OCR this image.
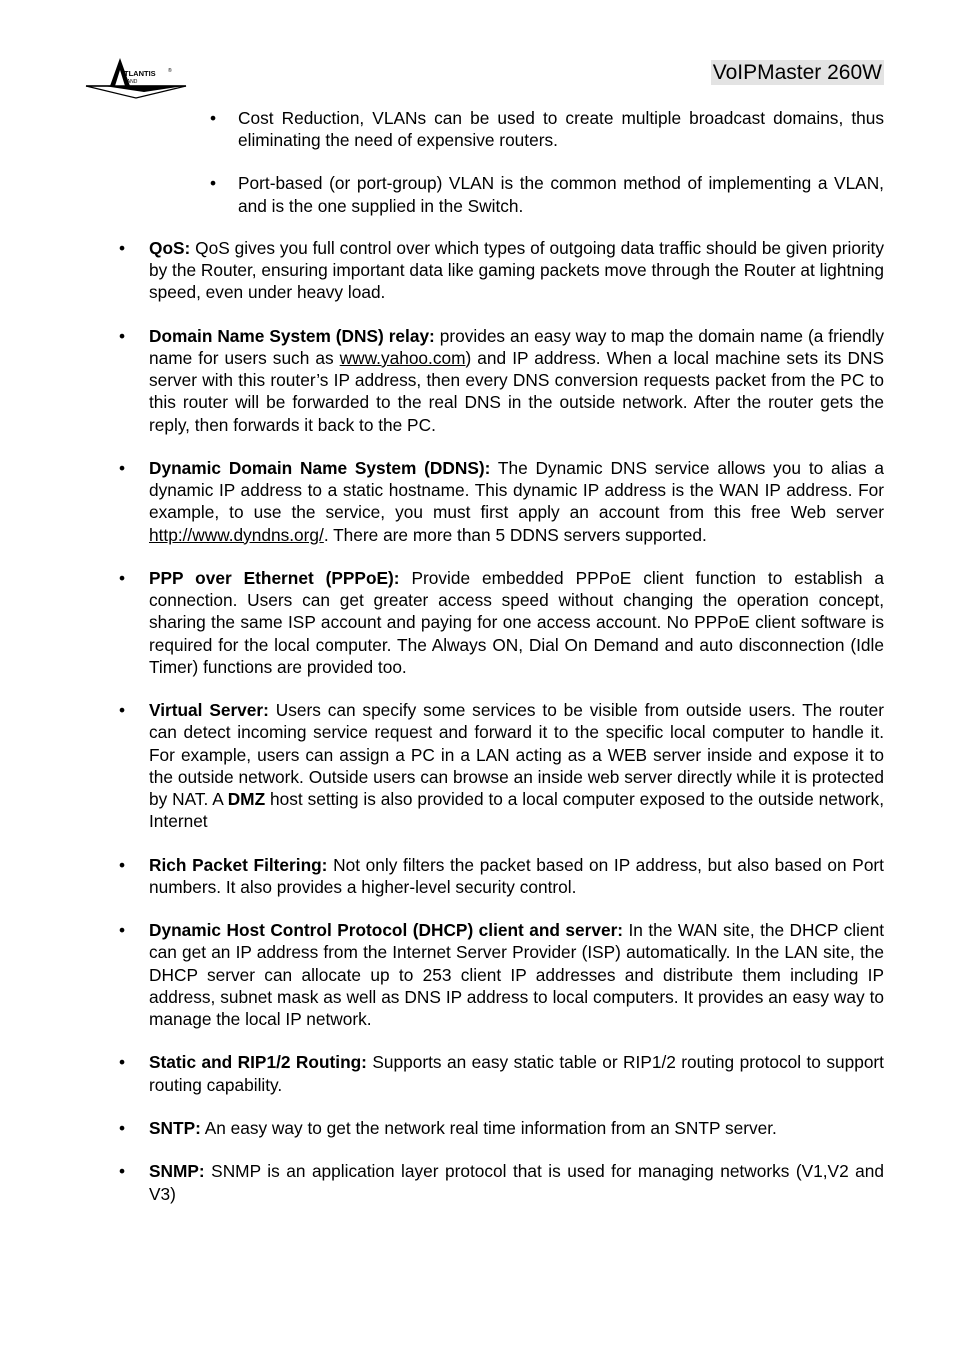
TLANTIS ®
LAND	VoIPMaster 260W
• Cost Reduction, VLANs can be used to create multiple broadcast domains, thus eliminating the need of expensive routers.
• Port-based (or port-group) VLAN is the common method of implementing a VLAN, and is the one supplied in the Switch.
• QoS: QoS gives you full control over which types of outgoing data traffic should be given priority by the Router, ensuring important data like gaming packets move through the Router at lightning speed, even under heavy load.
• Domain Name System (DNS) relay: provides an easy way to map the domain name (a friendly name for users such as www.yahoo.com) and IP address. When a local machine sets its DNS server with this router’s IP address, then every DNS conversion requests packet from the PC to this router will be forwarded to the real DNS in the outside network. After the router gets the reply, then forwards it back to the PC.
• Dynamic Domain Name System (DDNS): The Dynamic DNS service allows you to alias a dynamic IP address to a static hostname. This dynamic IP address is the WAN IP address. For example, to use the service, you must first apply an account from this free Web server http://www.dyndns.org/. There are more than 5 DDNS servers supported.
• PPP over Ethernet (PPPoE): Provide embedded PPPoE client function to establish a connection. Users can get greater access speed without changing the operation concept, sharing the same ISP account and paying for one access account. No PPPoE client software is required for the local computer. The Always ON, Dial On Demand and auto disconnection (Idle Timer) functions are provided too.
• Virtual Server: Users can specify some services to be visible from outside users. The router can detect incoming service request and forward it to the specific local computer to handle it. For example, users can assign a PC in a LAN acting as a WEB server inside and expose it to the outside network. Outside users can browse an inside web server directly while it is protected by NAT. A DMZ host setting is also provided to a local computer exposed to the outside network, Internet
• Rich Packet Filtering: Not only filters the packet based on IP address, but also based on Port numbers. It also provides a higher-level security control.
• Dynamic Host Control Protocol (DHCP) client and server: In the WAN site, the DHCP client can get an IP address from the Internet Server Provider (ISP) automatically. In the LAN site, the DHCP server can allocate up to 253 client IP addresses and distribute them including IP address, subnet mask as well as DNS IP address to local computers. It provides an easy way to manage the local IP network.
• Static and RIP1/2 Routing: Supports an easy static table or RIP1/2 routing protocol to support routing capability.
• SNTP: An easy way to get the network real time information from an SNTP server.
• SNMP: SNMP is an application layer protocol that is used for managing networks (V1,V2 and V3)
